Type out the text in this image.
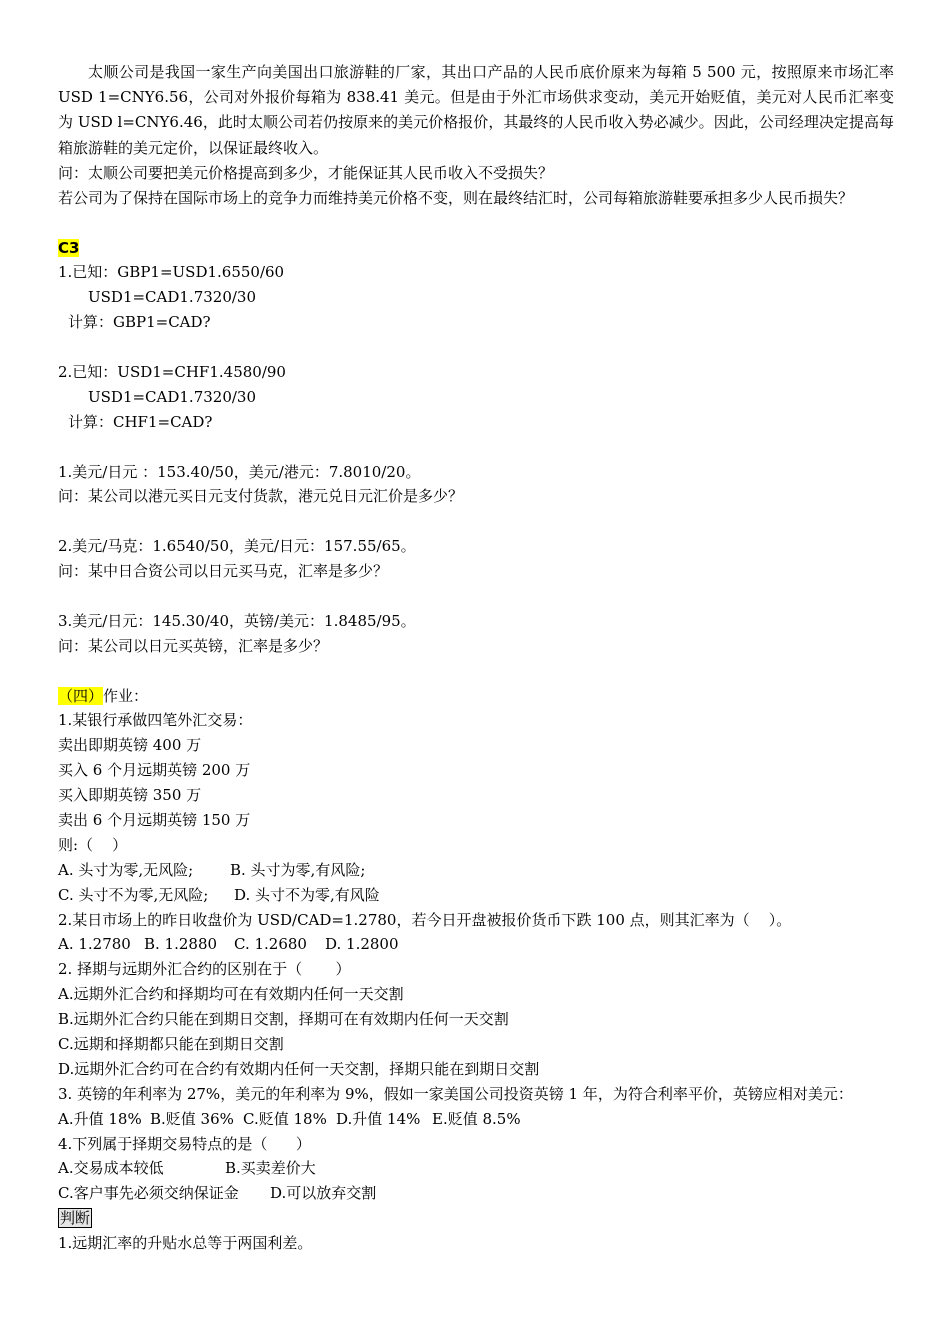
太顺公司是我国一家生产向美国出口旅游鞋的厂家，其出口产品的人民币底价原来为每箱 5 500 元，按照原来市场汇率 USD 1=CNY6.56，公司对外报价每箱为 838.41 美元。但是由于外汇市场供求变动，美元开始贬值，美元对人民币汇率变为 USD l=CNY6.46，此时太顺公司若仍按原来的美元价格报价，其最终的人民币收入势必减少。因此，公司经理决定提高每箱旅游鞋的美元定价，以保证最终收入。

问：太顺公司要把美元价格提高到多少，才能保证其人民币收入不受损失？

若公司为了保持在国际市场上的竞争力而维持美元价格不变，则在最终结汇时，公司每箱旅游鞋要承担多少人民币损失？

C3

1.已知：GBP1=USD1.6550/60

USD1=CAD1.7320/30

计算：GBP1=CAD?

2.已知：USD1=CHF1.4580/90

USD1=CAD1.7320/30

计算：CHF1=CAD?

1.美元/日元 ：153.40/50，美元/港元：7.8010/20。

问：某公司以港元买日元支付货款，港元兑日元汇价是多少？

2.美元/马克：1.6540/50，美元/日元：157.55/65。

问：某中日合资公司以日元买马克，汇率是多少？

3.美元/日元：145.30/40，英镑/美元：1.8485/95。

问：某公司以日元买英镑，汇率是多少？

（四）作业：

1.某银行承做四笔外汇交易：

卖出即期英镑 400 万

买入 6 个月远期英镑 200 万

买入即期英镑 350 万

卖出 6 个月远期英镑 150 万

则:（    ）

A. 头寸为零,无风险; B. 头寸为零,有风险;

C. 头寸不为零,无风险; D. 头寸不为零,有风险

2.某日市场上的昨日收盘价为 USD/CAD=1.2780，若今日开盘被报价货币下跌 100 点，则其汇率为（    ）。

A. 1.2780 B. 1.2880 C. 1.2680 D. 1.2800

2. 择期与远期外汇合约的区别在于（       ）

A.远期外汇合约和择期均可在有效期内任何一天交割

B.远期外汇合约只能在到期日交割，择期可在有效期内任何一天交割

C.远期和择期都只能在到期日交割

D.远期外汇合约可在合约有效期内任何一天交割，择期只能在到期日交割

3. 英镑的年利率为 27%，美元的年利率为 9%，假如一家美国公司投资英镑 1 年，为符合利率平价，英镑应相对美元：

A.升值 18% B.贬值 36% C.贬值 18% D.升值 14% E.贬值 8.5%

4.下列属于择期交易特点的是（      ）

A.交易成本较低	B.买卖差价大

C.客户事先必须交纳保证金 D.可以放弃交割

判断

1.远期汇率的升贴水总等于两国利差。
